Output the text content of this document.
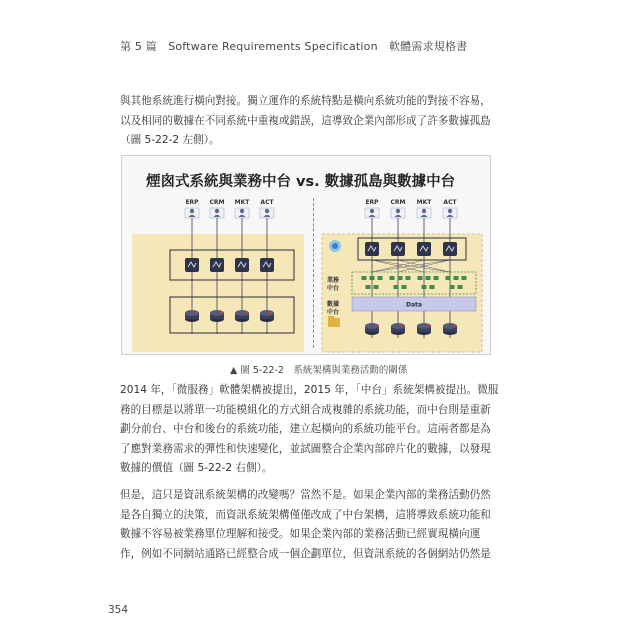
第 5 篇　Software Requirements Specification　軟體需求規格書
與其他系統進行橫向對接。獨立運作的系統特點是橫向系統功能的對接不容易，
以及相同的數據在不同系統中重複或錯誤，這導致企業內部形成了許多數據孤島
（圖 5-22-2 左側）。
煙囪式系統與業務中台 vs. 數據孤島與數據中台
ERP CRM MKT ACT	ERP CRM MKT ACT
業務中台
數據中台
Data
▲ 圖 5-22-2　系統架構與業務活動的關係
2014 年，「微服務」軟體架構被提出，2015 年，「中台」系統架構被提出。微服
務的目標是以將單一功能模組化的方式組合成複雜的系統功能，而中台則是重新
劃分前台、中台和後台的系統功能，建立起橫向的系統功能平台。這兩者都是為
了應對業務需求的彈性和快速變化，並試圖整合企業內部碎片化的數據，以發現
數據的價值（圖 5-22-2 右側）。
但是，這只是資訊系統架構的改變嗎？當然不是。如果企業內部的業務活動仍然
是各自獨立的決策，而資訊系統架構僅僅改成了中台架構，這將導致系統功能和
數據不容易被業務單位理解和接受。如果企業內部的業務活動已經實現橫向運
作，例如不同網站通路已經整合成一個企劃單位，但資訊系統的各個網站仍然是
354
